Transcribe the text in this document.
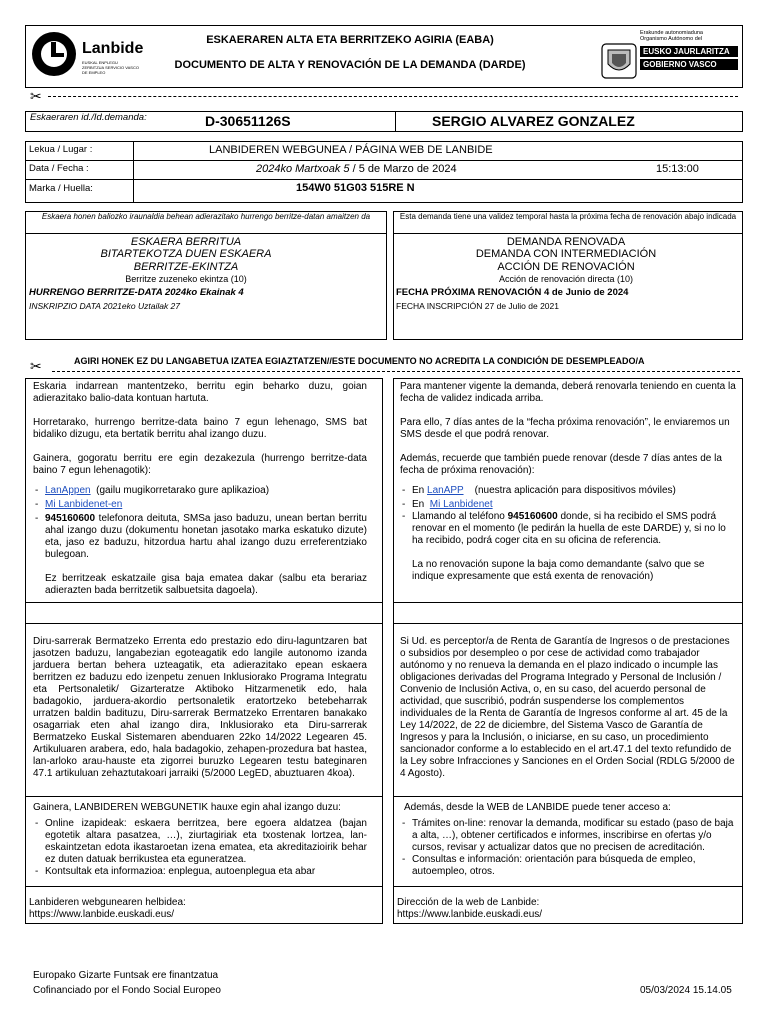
Lanbide
EUSKAL ENPLEGU ZERBITZUA SERVICIO VASCO DE EMPLEO
ESKAERAREN ALTA ETA BERRITZEKO AGIRIA (EABA)
DOCUMENTO DE ALTA Y RENOVACIÓN DE LA DEMANDA (DARDE)
Erakunde autonomiaduna
Organismo Autónomo del
EUSKO JAURLARITZA
GOBIERNO VASCO
✂
Eskaeraren id./Id.demanda:	D-30651126S	SERGIO ALVAREZ GONZALEZ
Lekua / Lugar :	LANBIDEREN WEBGUNEA / PÁGINA WEB DE LANBIDE
Data / Fecha :	2024ko Martxoak 5 / 5 de Marzo de 2024	15:13:00
Marka / Huella:	154W0 51G03 515RE N
Eskaera honen baliozko iraunaldia behean adierazitako hurrengo berritze-datan amaitzen da
ESKAERA BERRITUA
BITARTEKOTZA DUEN ESKAERA
BERRITZE-EKINTZA
Berritze zuzeneko ekintza (10)
HURRENGO BERRITZE-DATA 2024ko Ekainak 4
INSKRIPZIO DATA 2021eko Uztailak 27
Esta demanda tiene una validez temporal hasta la próxima fecha de renovación abajo indicada
DEMANDA RENOVADA
DEMANDA CON INTERMEDIACIÓN
ACCIÓN DE RENOVACIÓN
Acción de renovación directa (10)
FECHA PRÓXIMA RENOVACIÓN 4 de Junio de 2024
FECHA INSCRIPCIÓN 27 de Julio de 2021
✂	AGIRI HONEK EZ DU LANGABETUA IZATEA EGIAZTATZEN//ESTE DOCUMENTO NO ACREDITA LA CONDICIÓN DE DESEMPLEADO/A

Eskaria indarrean mantentzeko, berritu egin beharko duzu, goian adierazitako balio-data kontuan hartuta.

Horretarako, hurrengo berritze-data baino 7 egun lehenago, SMS bat bidaliko dizugu, eta bertatik berritu ahal izango duzu.

Gainera, gogoratu berritu ere egin dezakezula (hurrengo berritze-data baino 7 egun lehenagotik):

- LanAppen  (gailu mugikorretarako gure aplikazioa)
- Mi Lanbidenet-en
- 945160600 telefonora deituta, SMSa jaso baduzu, unean bertan berritu ahal izango duzu (dokumentu honetan jasotako marka eskatuko dizute) eta, jaso ez baduzu, hitzordua hartu ahal izango duzu erreferentziako bulegoan.

Ez berritzeak eskatzaile gisa baja ematea dakar (salbu eta berariaz adierazten bada berritzetik salbuetsita dagoela).

Diru-sarrerak Bermatzeko Errenta edo prestazio edo diru-laguntzaren bat jasotzen baduzu, langabezian egoteagatik edo langile autonomo izanda jarduera bertan behera uzteagatik, eta adierazitako epean eskaera berritzen ez baduzu edo izenpetu zenuen Inklusiorako Programa Integratu eta Pertsonaletik/ Gizarteratze Aktiboko Hitzarmenetik edo, hala badagokio, jarduera-akordio pertsonaletik eratortzeko betebeharrak urratzen baldin badituzu, Diru-sarrerak Bermatzeko Errentaren banakako osagarriak eten ahal izango dira, Inklusiorako eta Diru-sarrerak Bermatzeko Euskal Sistemaren abenduaren 22ko 14/2022 Legearen 45. Artikuluaren arabera, edo, hala badagokio, zehapen-prozedura bat hastea, lan-arloko arau-hauste eta zigorrei buruzko Legearen testu bateginaren 47.1 artikuluan zehaztutakoari jarraiki (5/2000 LegED, abuztuaren 4koa).

Gainera, LANBIDEREN WEBGUNETIK hauxe egin ahal izango duzu:

- Online izapideak: eskaera berritzea, bere egoera aldatzea (bajan egotetik altara pasatzea, …), ziurtagiriak eta txostenak lortzea, lan-eskaintzetan edota ikastaroetan izena ematea, eta akreditazioirik behar ez duten datuak berrikustea eta eguneratzea.
- Kontsultak eta informazioa: enplegua, autoenplegua eta abar
Lanbideren webgunearen helbidea:
https://www.lanbide.euskadi.eus/

Para mantener vigente la demanda, deberá renovarla teniendo en cuenta la fecha de validez indicada arriba.

Para ello, 7 días antes de la “fecha próxima renovación”, le enviaremos un SMS desde el que podrá renovar.

Además, recuerde que también puede renovar (desde 7 días antes de la fecha de próxima renovación):

- En LanAPP    (nuestra aplicación para dispositivos móviles)
- En  Mi Lanbidenet
- Llamando al teléfono 945160600 donde, si ha recibido el SMS podrá renovar en el momento (le pedirán la huella de este DARDE) y, si no lo ha recibido, podrá coger cita en su oficina de referencia.

La no renovación supone la baja como demandante (salvo que se indique expresamente que está exenta de renovación)

Si Ud. es perceptor/a de Renta de Garantía de Ingresos o de prestaciones o subsidios por desempleo o por cese de actividad como trabajador autónomo y no renueva la demanda en el plazo indicado o incumple las obligaciones derivadas del Programa Integrado y Personal de Inclusión / Convenio de Inclusión Activa, o, en su caso, del acuerdo personal de actividad, que suscribió, podrán suspenderse los complementos individuales de la Renta de Garantía de Ingresos conforme al art. 45 de la Ley 14/2022, de 22 de diciembre, del Sistema Vasco de Garantía de Ingresos y para la Inclusión, o iniciarse, en su caso, un procedimiento sancionador conforme a lo establecido en el art.47.1 del texto refundido de la Ley sobre Infracciones y Sanciones en el Orden Social (RDLG 5/2000 de 4 Agosto).

Además, desde la WEB de LANBIDE puede tener acceso a:

- Trámites on-line: renovar la demanda, modificar su estado (paso de baja a alta, …), obtener certificados e informes, inscribirse en ofertas y/o cursos, revisar y actualizar datos que no precisen de acreditación.
- Consultas e información: orientación para búsqueda de empleo, autoempleo, otros.
Dirección de la web de Lanbide:
https://www.lanbide.euskadi.eus/
Europako Gizarte Funtsak ere finantzatua
Cofinanciado por el Fondo Social Europeo	05/03/2024 15.14.05
